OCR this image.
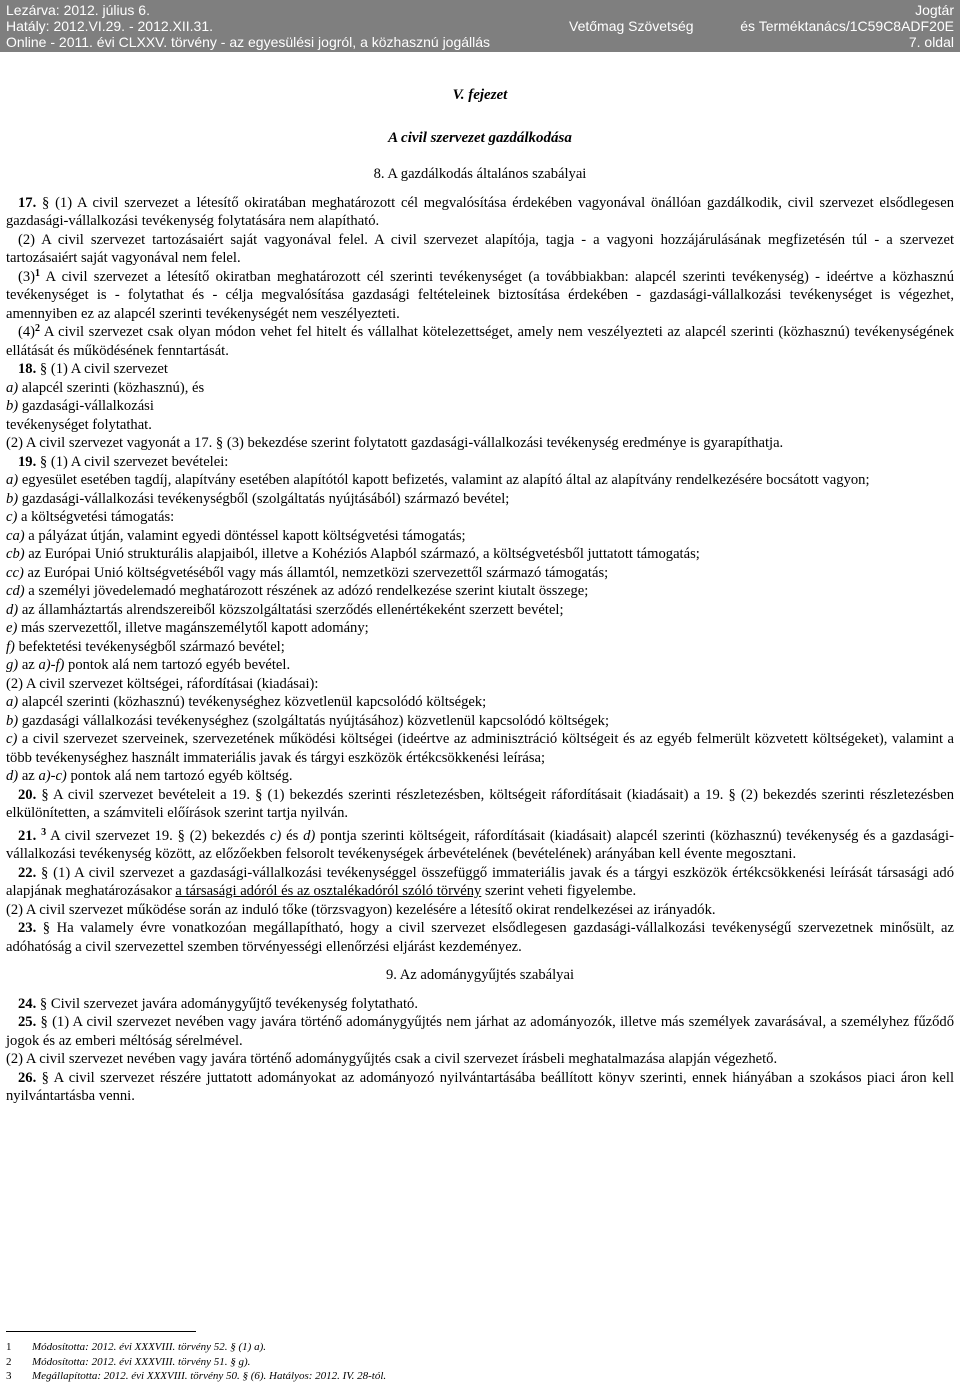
Lezárva: 2012. július 6.	Jogtár
Hatály: 2012.VI.29. - 2012.XII.31.	Vetőmag Szövetség	és Terméktanács/1C59C8ADF20E
Online - 2011. évi CLXXV. törvény - az egyesülési jogról, a közhasznú jogállás	7. oldal
V. fejezet
A civil szervezet gazdálkodása
8. A gazdálkodás általános szabályai

17. § (1) A civil szervezet a létesítő okiratában meghatározott cél megvalósítása érdekében vagyonával önállóan gazdálkodik, civil szervezet elsődlegesen gazdasági-vállalkozási tevékenység folytatására nem alapítható.

(2) A civil szervezet tartozásaiért saját vagyonával felel. A civil szervezet alapítója, tagja - a vagyoni hozzájárulásának megfizetésén túl - a szervezet tartozásaiért saját vagyonával nem felel.

$(3)^1$ A civil szervezet a létesítő okiratban meghatározott cél szerinti tevékenységet (a továbbiakban: alapcél szerinti tevékenység) - ideértve a közhasznú tevékenységet is - folytathat és - célja megvalósítása gazdasági feltételeinek biztosítása érdekében - gazdasági-vállalkozási tevékenységet is végezhet, amennyiben ez az alapcél szerinti tevékenységét nem veszélyezteti.

$(4)^2$ A civil szervezet csak olyan módon vehet fel hitelt és vállalhat kötelezettséget, amely nem veszélyezteti az alapcél szerinti (közhasznú) tevékenységének ellátását és működésének fenntartását.

18. § (1) A civil szervezet

a) alapcél szerinti (közhasznú), és

b) gazdasági-vállalkozási

tevékenységet folytathat.

(2) A civil szervezet vagyonát a 17. § (3) bekezdése szerint folytatott gazdasági-vállalkozási tevékenység eredménye is gyarapíthatja.

19. § (1) A civil szervezet bevételei:

a) egyesület esetében tagdíj, alapítvány esetében alapítótól kapott befizetés, valamint az alapító által az alapítvány rendelkezésére bocsátott vagyon;

b) gazdasági-vállalkozási tevékenységből (szolgáltatás nyújtásából) származó bevétel;

c) a költségvetési támogatás:

ca) a pályázat útján, valamint egyedi döntéssel kapott költségvetési támogatás;

cb) az Európai Unió strukturális alapjaiból, illetve a Kohéziós Alapból származó, a költségvetésből juttatott támogatás;

cc) az Európai Unió költségvetéséből vagy más államtól, nemzetközi szervezettől származó támogatás;

cd) a személyi jövedelemadó meghatározott részének az adózó rendelkezése szerint kiutalt összege;

d) az államháztartás alrendszereiből közszolgáltatási szerződés ellenértékeként szerzett bevétel;

e) más szervezettől, illetve magánszemélytől kapott adomány;

f) befektetési tevékenységből származó bevétel;

g) az a)-f) pontok alá nem tartozó egyéb bevétel.

(2) A civil szervezet költségei, ráfordításai (kiadásai):

a) alapcél szerinti (közhasznú) tevékenységhez közvetlenül kapcsolódó költségek;

b) gazdasági vállalkozási tevékenységhez (szolgáltatás nyújtásához) közvetlenül kapcsolódó költségek;

c) a civil szervezet szerveinek, szervezetének működési költségei (ideértve az adminisztráció költségeit és az egyéb felmerült közvetett költségeket), valamint a több tevékenységhez használt immateriális javak és tárgyi eszközök értékcsökkenési leírása;

d) az a)-c) pontok alá nem tartozó egyéb költség.

20. § A civil szervezet bevételeit a 19. § (1) bekezdés szerinti részletezésben, költségeit ráfordításait (kiadásait) a 19. § (2) bekezdés szerinti részletezésben elkülönítetten, a számviteli előírások szerint tartja nyilván.

21. $^3$ A civil szervezet 19. § (2) bekezdés c) és d) pontja szerinti költségeit, ráfordításait (kiadásait) alapcél szerinti (közhasznú) tevékenység és a gazdasági-vállalkozási tevékenység között, az előzőekben felsorolt tevékenységek árbevételének (bevételének) arányában kell évente megosztani.

22. § (1) A civil szervezet a gazdasági-vállalkozási tevékenységgel összefüggő immateriális javak és a tárgyi eszközök értékcsökkenési leírását társasági adó alapjának meghatározásakor a társasági adóról és az osztalékadóról szóló törvény szerint veheti figyelembe.

(2) A civil szervezet működése során az induló tőke (törzsvagyon) kezelésére a létesítő okirat rendelkezései az irányadók.

23. § Ha valamely évre vonatkozóan megállapítható, hogy a civil szervezet elsődlegesen gazdasági-vállalkozási tevékenységű szervezetnek minősült, az adóhatóság a civil szervezettel szemben törvényességi ellenőrzési eljárást kezdeményez.

9. Az adománygyűjtés szabályai

24. § Civil szervezet javára adománygyűjtő tevékenység folytatható.

25. § (1) A civil szervezet nevében vagy javára történő adománygyűjtés nem járhat az adományozók, illetve más személyek zavarásával, a személyhez fűződő jogok és az emberi méltóság sérelmével.

(2) A civil szervezet nevében vagy javára történő adománygyűjtés csak a civil szervezet írásbeli meghatalmazása alapján végezhető.

26. § A civil szervezet részére juttatott adományokat az adományozó nyilvántartásába beállított könyv szerinti, ennek hiányában a szokásos piaci áron kell nyilvántartásba venni.

1 Módosította: 2012. évi XXXVIII. törvény 52. § (1) a).
2 Módosította: 2012. évi XXXVIII. törvény 51. § g).
3 Megállapította: 2012. évi XXXVIII. törvény 50. § (6). Hatályos: 2012. IV. 28-tól.
